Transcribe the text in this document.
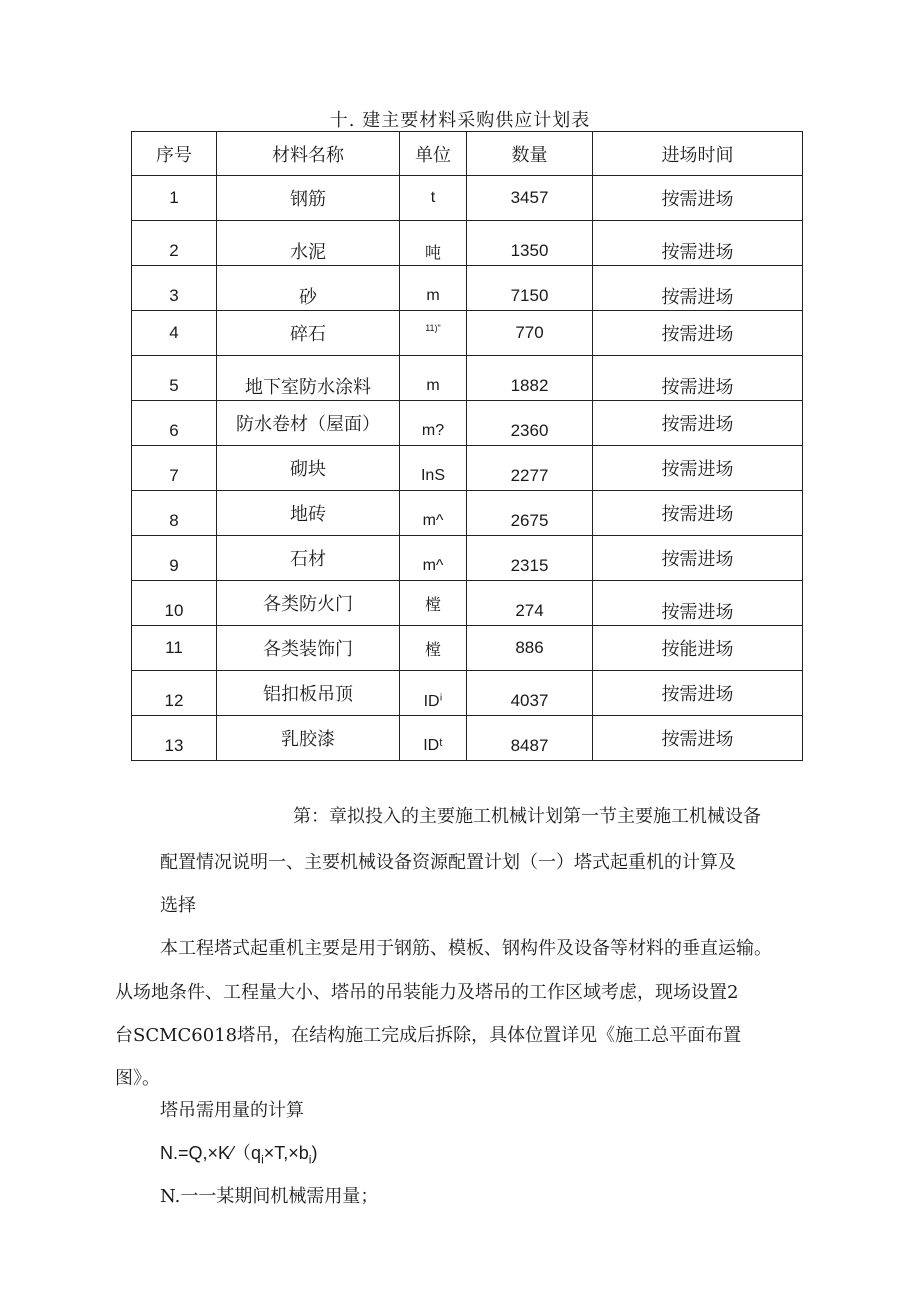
十. 建主要材料采购供应计划表
序号	材料名称	单位	数量	进场时间
1	钢筋	t	3457	按需进场
2	水泥	吨	1350	按需进场
3	砂	m	7150	按需进场
4	碎石	$^{11)"}$	770	按需进场
5	地下室防水涂料	m	1882	按需进场
6	防水卷材（屋面）	m?	2360	按需进场
7	砌块	InS	2277	按需进场
8	地砖	m^	2675	按需进场
9	石材	m^	2315	按需进场
10	各类防火门	樘	274	按需进场
11	各类装饰门	樘	886	按能进场
12	铝扣板吊顶	IDⁱ	4037	按需进场
13	乳胶漆	IDᵗ	8487	按需进场
第：章拟投入的主要施工机械计划第一节主要施工机械设备
配置情况说明一、主要机械设备资源配置计划（一）塔式起重机的计算及
选择
本工程塔式起重机主要是用于钢筋、模板、钢构件及设备等材料的垂直运输。
从场地条件、工程量大小、塔吊的吊装能力及塔吊的工作区域考虑，现场设置2
台SCMC6018塔吊，在结构施工完成后拆除，具体位置详见《施工总平面布置
图》。
塔吊需用量的计算
$N.=Q,\times K⁄(q_i\times T,\times b_i)$
N.一一某期间机械需用量；
